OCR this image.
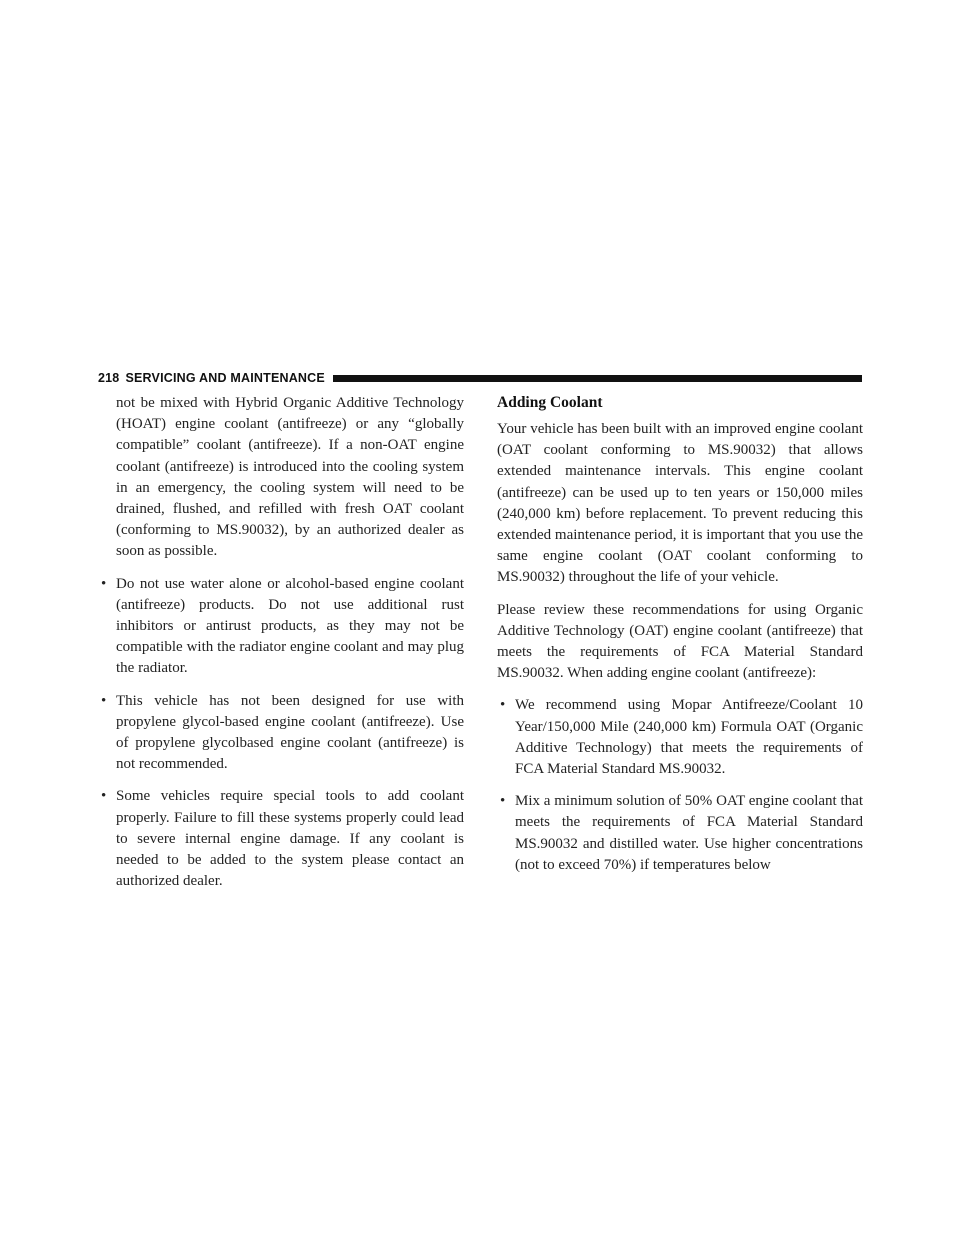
218 SERVICING AND MAINTENANCE

not be mixed with Hybrid Organic Additive Technology (HOAT) engine coolant (antifreeze) or any “globally compatible” coolant (antifreeze). If a non-OAT engine coolant (antifreeze) is introduced into the cooling system in an emergency, the cooling system will need to be drained, flushed, and refilled with fresh OAT coolant (conforming to MS.90032), by an authorized dealer as soon as possible.

• Do not use water alone or alcohol-based engine coolant (antifreeze) products. Do not use additional rust inhibitors or antirust products, as they may not be compatible with the radiator engine coolant and may plug the radiator.
• This vehicle has not been designed for use with propylene glycol-based engine coolant (antifreeze). Use of propylene glycolbased engine coolant (antifreeze) is not recommended.
• Some vehicles require special tools to add coolant properly. Failure to fill these systems properly could lead to severe internal engine damage. If any coolant is needed to be added to the system please contact an authorized dealer.
Adding Coolant

Your vehicle has been built with an improved engine coolant (OAT coolant conforming to MS.90032) that allows extended maintenance intervals. This engine coolant (antifreeze) can be used up to ten years or 150,000 miles (240,000 km) before replacement. To prevent reducing this extended maintenance period, it is important that you use the same engine coolant (OAT coolant conforming to MS.90032) throughout the life of your vehicle.

Please review these recommendations for using Organic Additive Technology (OAT) engine coolant (antifreeze) that meets the requirements of FCA Material Standard MS.90032. When adding engine coolant (antifreeze):

• We recommend using Mopar Antifreeze/Coolant 10 Year/150,000 Mile (240,000 km) Formula OAT (Organic Additive Technology) that meets the requirements of FCA Material Standard MS.90032.
• Mix a minimum solution of 50% OAT engine coolant that meets the requirements of FCA Material Standard MS.90032 and distilled water. Use higher concentrations (not to exceed 70%) if temperatures below
